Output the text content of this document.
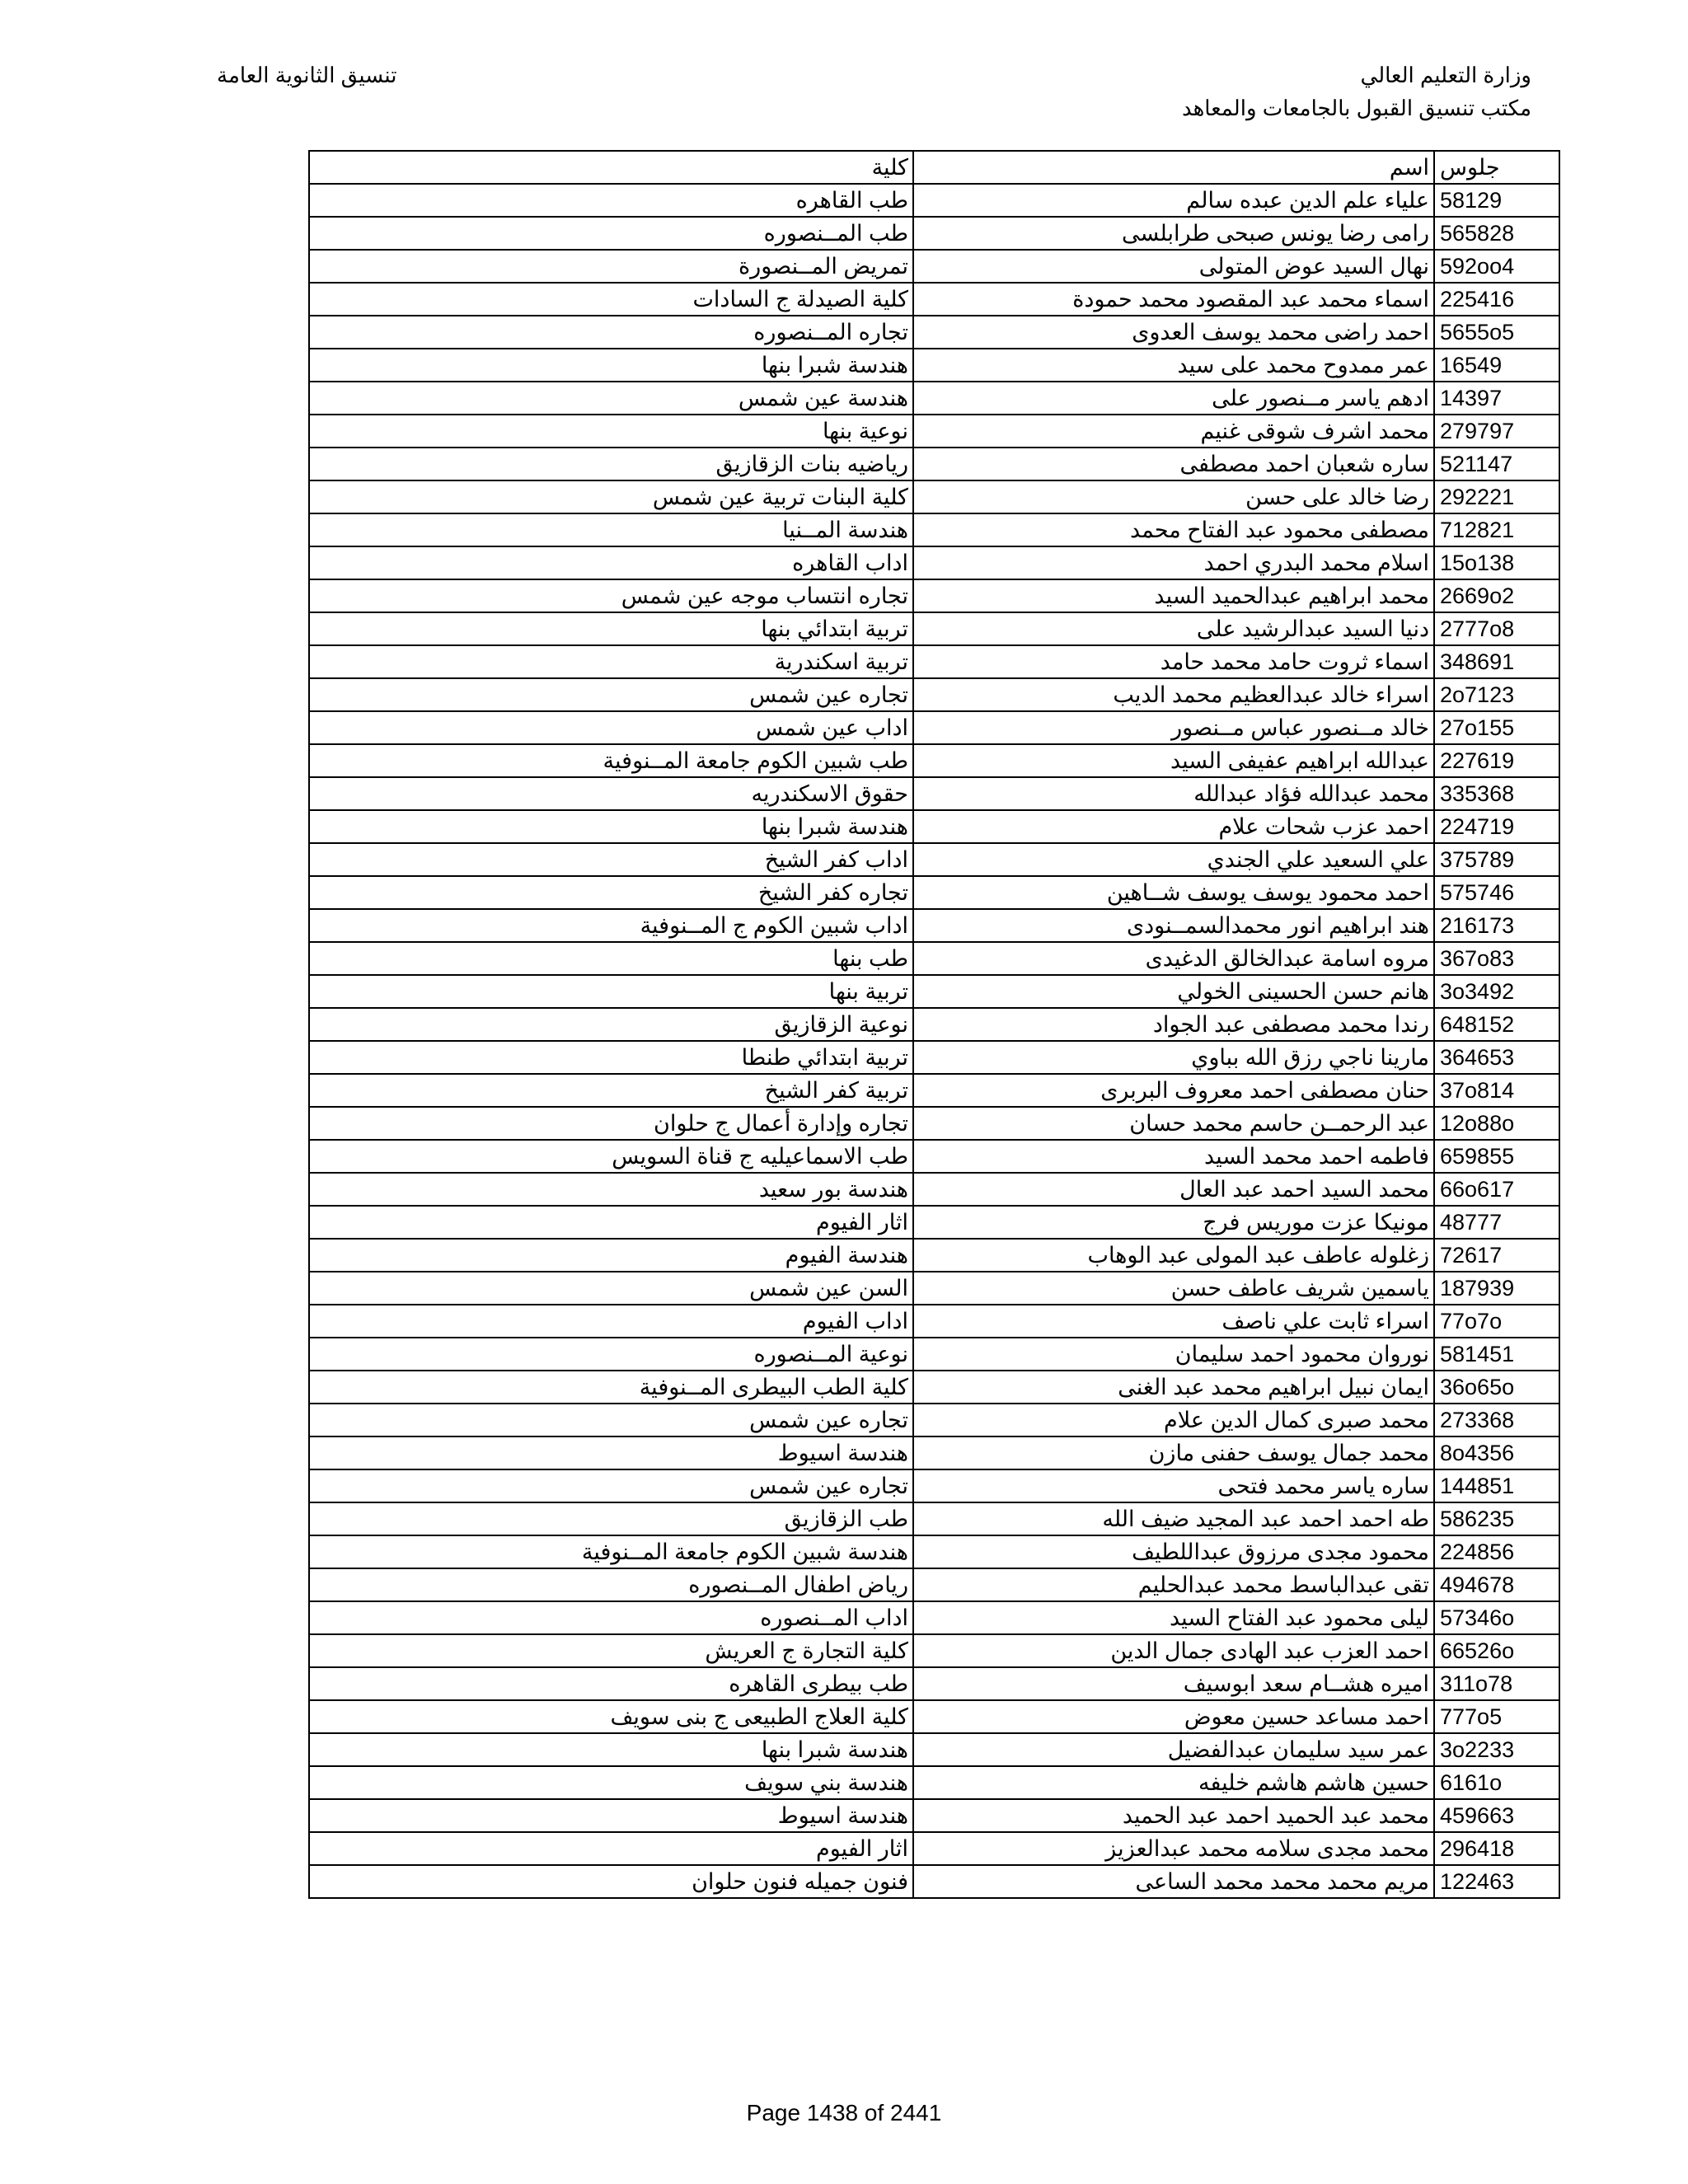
وزارة التعليم العالي
مكتب تنسيق القبول بالجامعات والمعاهد
تنسيق الثانوية العامة
جلوس	اسم	كلية
58129	علياء علم الدين عبده سالم	طب القاهره
565828	رامى رضا يونس صبحى طرابلسى	طب المــنصوره
592oo4	نهال السيد عوض المتولى	تمريض المــنصورة
225416	اسماء محمد عبد المقصود محمد حمودة	كلية الصيدلة ج السادات
5655o5	احمد راضى محمد يوسف العدوى	تجاره المــنصوره
16549	عمر ممدوح محمد على سيد	هندسة شبرا بنها
14397	ادهم ياسر مــنصور على	هندسة عين شمس
279797	محمد اشرف شوقى غنيم	نوعية بنها
521147	ساره شعبان احمد مصطفى	رياضيه بنات الزقازيق
292221	رضا خالد على حسن	كلية البنات تربية عين شمس
712821	مصطفى محمود عبد الفتاح محمد	هندسة المــنيا
15o138	اسلام محمد البدري احمد	اداب القاهره
2669o2	محمد ابراهيم عبدالحميد السيد	تجاره انتساب موجه عين شمس
2777o8	دنيا السيد عبدالرشيد على	تربية ابتدائي بنها
348691	اسماء ثروت حامد محمد حامد	تربية اسكندرية
2o7123	اسراء خالد عبدالعظيم محمد الديب	تجاره عين شمس
27o155	خالد مــنصور عباس مــنصور	اداب عين شمس
227619	عبدالله ابراهيم عفيفى السيد	طب شبين الكوم جامعة المــنوفية
335368	محمد عبدالله فؤاد عبدالله	حقوق الاسكندريه
224719	احمد عزب شحات علام	هندسة شبرا بنها
375789	علي السعيد علي الجندي	اداب كفر الشيخ
575746	احمد محمود يوسف يوسف شــاهين	تجاره كفر الشيخ
216173	هند ابراهيم انور محمدالسمــنودى	اداب شبين الكوم ج المــنوفية
367o83	مروه اسامة عبدالخالق الدغيدى	طب بنها
3o3492	هانم حسن الحسينى الخولي	تربية بنها
648152	رندا محمد مصطفى عبد الجواد	نوعية الزقازيق
364653	مارينا ناجي رزق الله بباوي	تربية ابتدائي طنطا
37o814	حنان مصطفى احمد معروف البربرى	تربية كفر الشيخ
12o88o	عبد الرحمــن حاسم محمد حسان	تجاره وإدارة أعمال ج حلوان
659855	فاطمه احمد محمد السيد	طب الاسماعيليه ج قناة السويس
66o617	محمد السيد احمد عبد العال	هندسة بور سعيد
48777	مونيكا عزت موريس فرج	اثار الفيوم
72617	زغلوله عاطف عبد المولى عبد الوهاب	هندسة الفيوم
187939	ياسمين شريف عاطف حسن	السن عين شمس
77o7o	اسراء ثابت علي ناصف	اداب الفيوم
581451	نوروان محمود احمد سليمان	نوعية المــنصوره
36o65o	ايمان نبيل ابراهيم محمد عبد الغنى	كلية الطب البيطرى المــنوفية
273368	محمد صبرى كمال الدين علام	تجاره عين شمس
8o4356	محمد جمال يوسف حفنى مازن	هندسة اسيوط
144851	ساره ياسر محمد فتحى	تجاره عين شمس
586235	طه احمد احمد عبد المجيد ضيف الله	طب الزقازيق
224856	محمود مجدى مرزوق عبداللطيف	هندسة شبين الكوم جامعة المــنوفية
494678	تقى عبدالباسط محمد عبدالحليم	رياض اطفال المــنصوره
57346o	ليلى محمود عبد الفتاح السيد	اداب المــنصوره
66526o	احمد العزب عبد الهادى جمال الدين	كلية التجارة ج العريش
311o78	اميره هشــام سعد ابوسيف	طب بيطرى القاهره
777o5	احمد مساعد حسين معوض	كلية العلاج الطبيعى ج بنى سويف
3o2233	عمر سيد سليمان عبدالفضيل	هندسة شبرا بنها
6161o	حسين هاشم هاشم خليفه	هندسة بني سويف
459663	محمد عبد الحميد احمد عبد الحميد	هندسة اسيوط
296418	محمد مجدى سلامه محمد عبدالعزيز	اثار الفيوم
122463	مريم محمد محمد محمد الساعى	فنون جميله فنون حلوان
Page 1438 of 2441
